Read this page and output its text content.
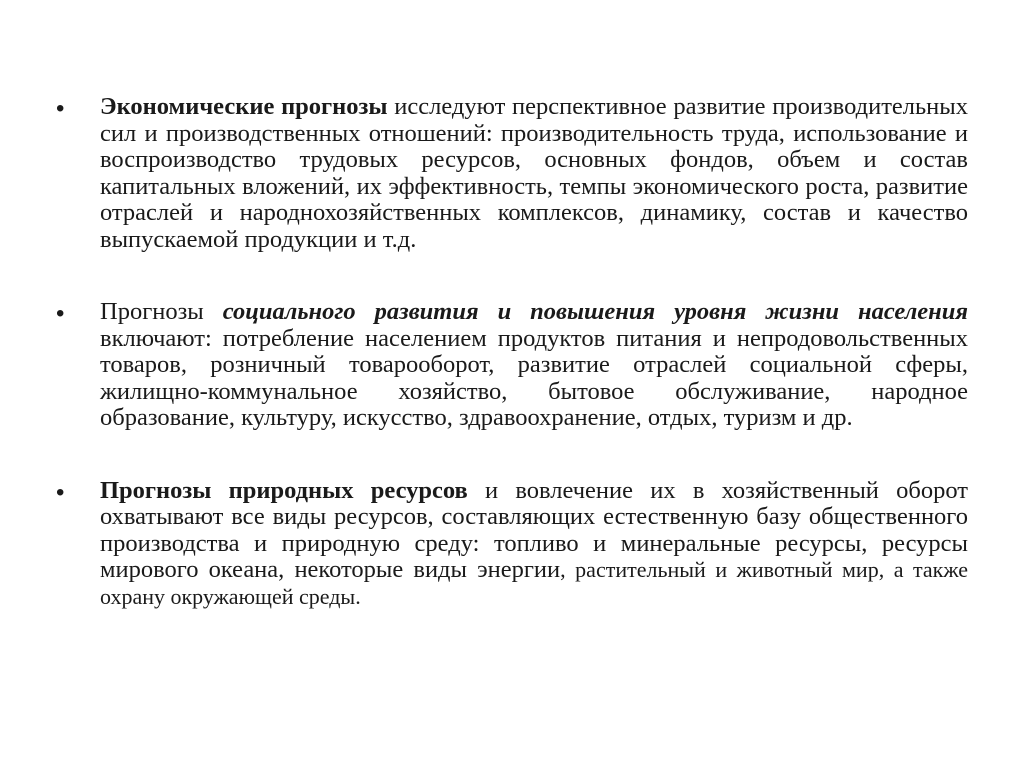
• Экономические прогнозы исследуют перспективное развитие производительных сил и производственных отношений: производительность труда, использование и воспроизводство трудовых ресурсов, основных фондов, объем и состав капитальных вложений, их эффективность, темпы экономического роста, развитие отраслей и народнохозяйственных комплексов, динамику, состав и качество выпускаемой продукции и т.д.

• Прогнозы социального развития и повышения уровня жизни населения включают: потребление населением продуктов питания и непродовольственных товаров, розничный товарооборот, развитие отраслей социальной сферы, жилищно-коммунальное хозяйство, бытовое обслуживание, народное образование, культуру, искусство, здравоохранение, отдых, туризм и др.

• Прогнозы природных ресурсов и вовлечение их в хозяйственный оборот охватывают все виды ресурсов, составляющих естественную базу общественного производства и природную среду: топливо и минеральные ресурсы, ресурсы мирового океана, некоторые виды энергии, растительный и животный мир, а также охрану окружающей среды.
